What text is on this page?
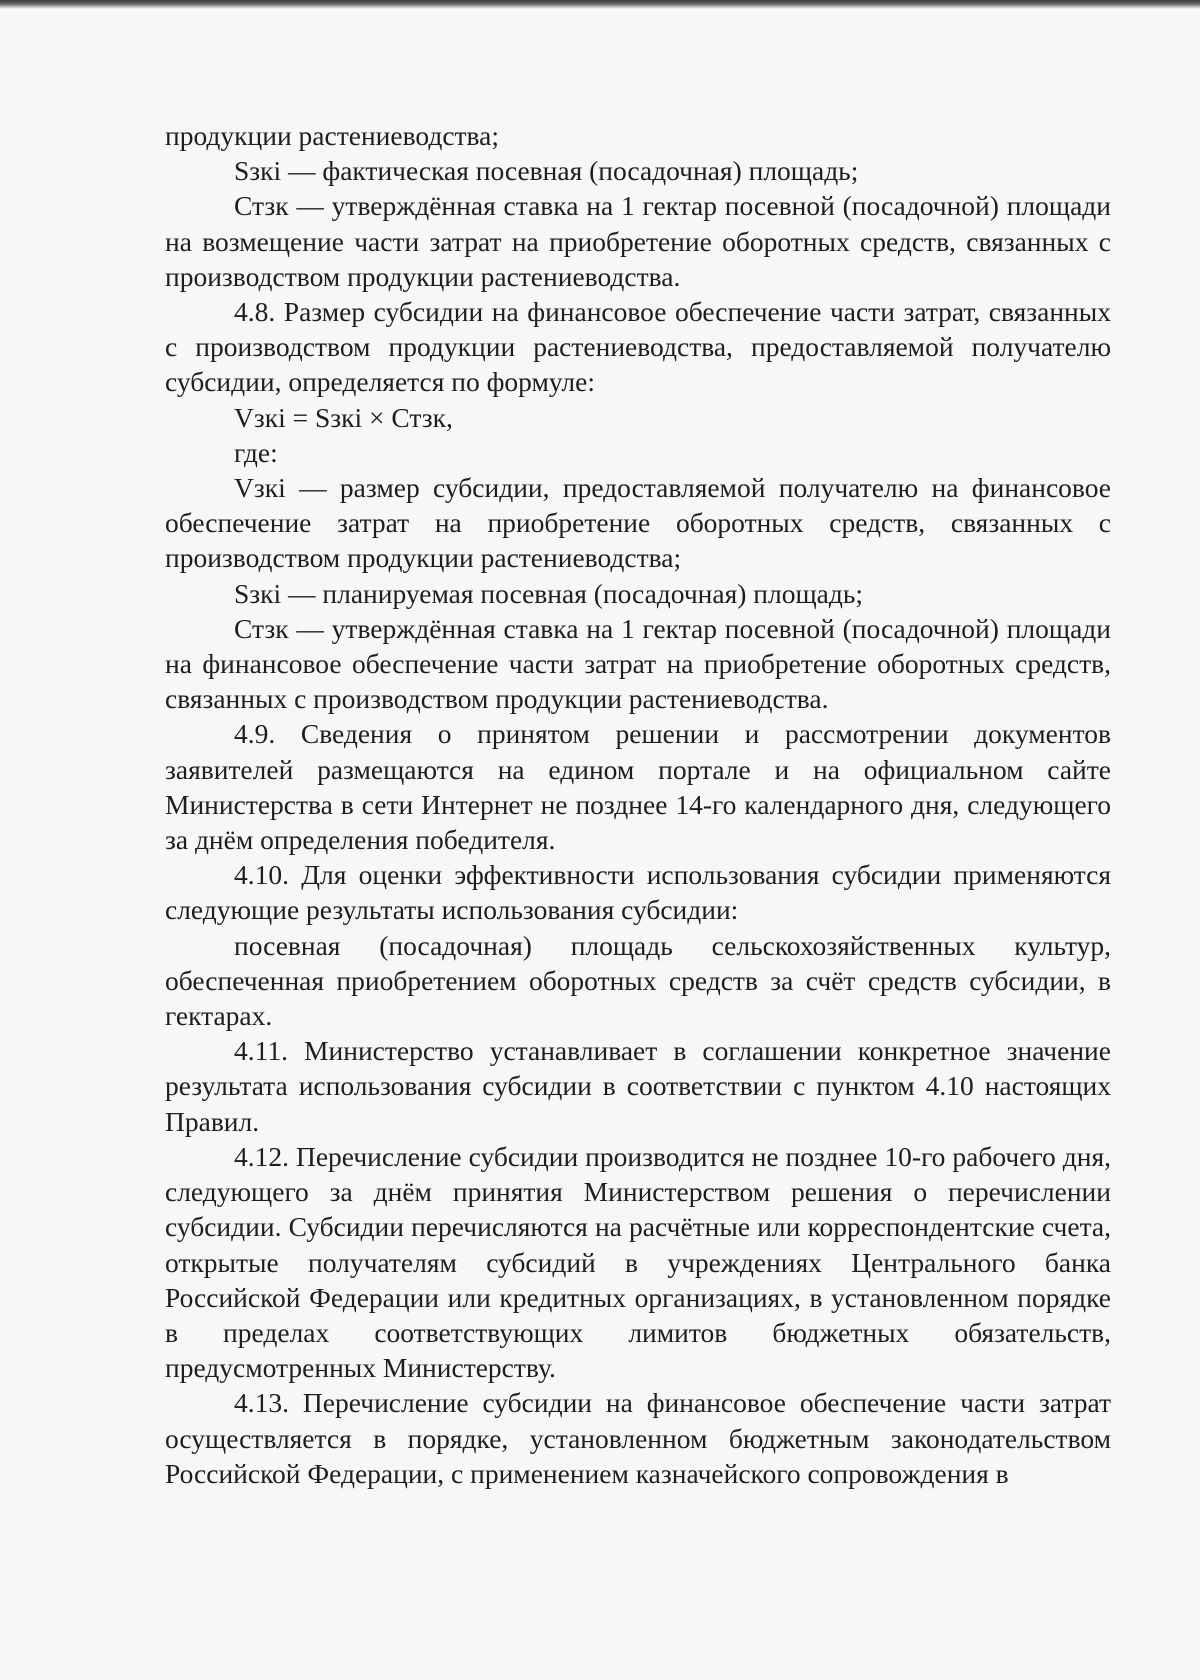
продукции растениеводства;

Sзкi — фактическая посевная (посадочная) площадь;

Стзк — утверждённая ставка на 1 гектар посевной (посадочной) площади на возмещение части затрат на приобретение оборотных средств, связанных с производством продукции растениеводства.

4.8. Размер субсидии на финансовое обеспечение части затрат, связанных с производством продукции растениеводства, предоставляемой получателю субсидии, определяется по формуле:

Vзкi = Sзкi × Стзк,

где:

Vзкi — размер субсидии, предоставляемой получателю на финансовое обеспечение затрат на приобретение оборотных средств, связанных с производством продукции растениеводства;

Sзкi — планируемая посевная (посадочная) площадь;

Стзк — утверждённая ставка на 1 гектар посевной (посадочной) площади на финансовое обеспечение части затрат на приобретение оборотных средств, связанных с производством продукции растениеводства.

4.9. Сведения о принятом решении и рассмотрении документов заявителей размещаются на едином портале и на официальном сайте Министерства в сети Интернет не позднее 14-го календарного дня, следующего за днём определения победителя.

4.10. Для оценки эффективности использования субсидии применяются следующие результаты использования субсидии:

посевная (посадочная) площадь сельскохозяйственных культур, обеспеченная приобретением оборотных средств за счёт средств субсидии, в гектарах.

4.11. Министерство устанавливает в соглашении конкретное значение результата использования субсидии в соответствии с пунктом 4.10 настоящих Правил.

4.12. Перечисление субсидии производится не позднее 10-го рабочего дня, следующего за днём принятия Министерством решения о перечислении субсидии. Субсидии перечисляются на расчётные или корреспондентские счета, открытые получателям субсидий в учреждениях Центрального банка Российской Федерации или кредитных организациях, в установленном порядке в пределах соответствующих лимитов бюджетных обязательств, предусмотренных Министерству.

4.13. Перечисление субсидии на финансовое обеспечение части затрат осуществляется в порядке, установленном бюджетным законодательством Российской Федерации, с применением казначейского сопровождения в
